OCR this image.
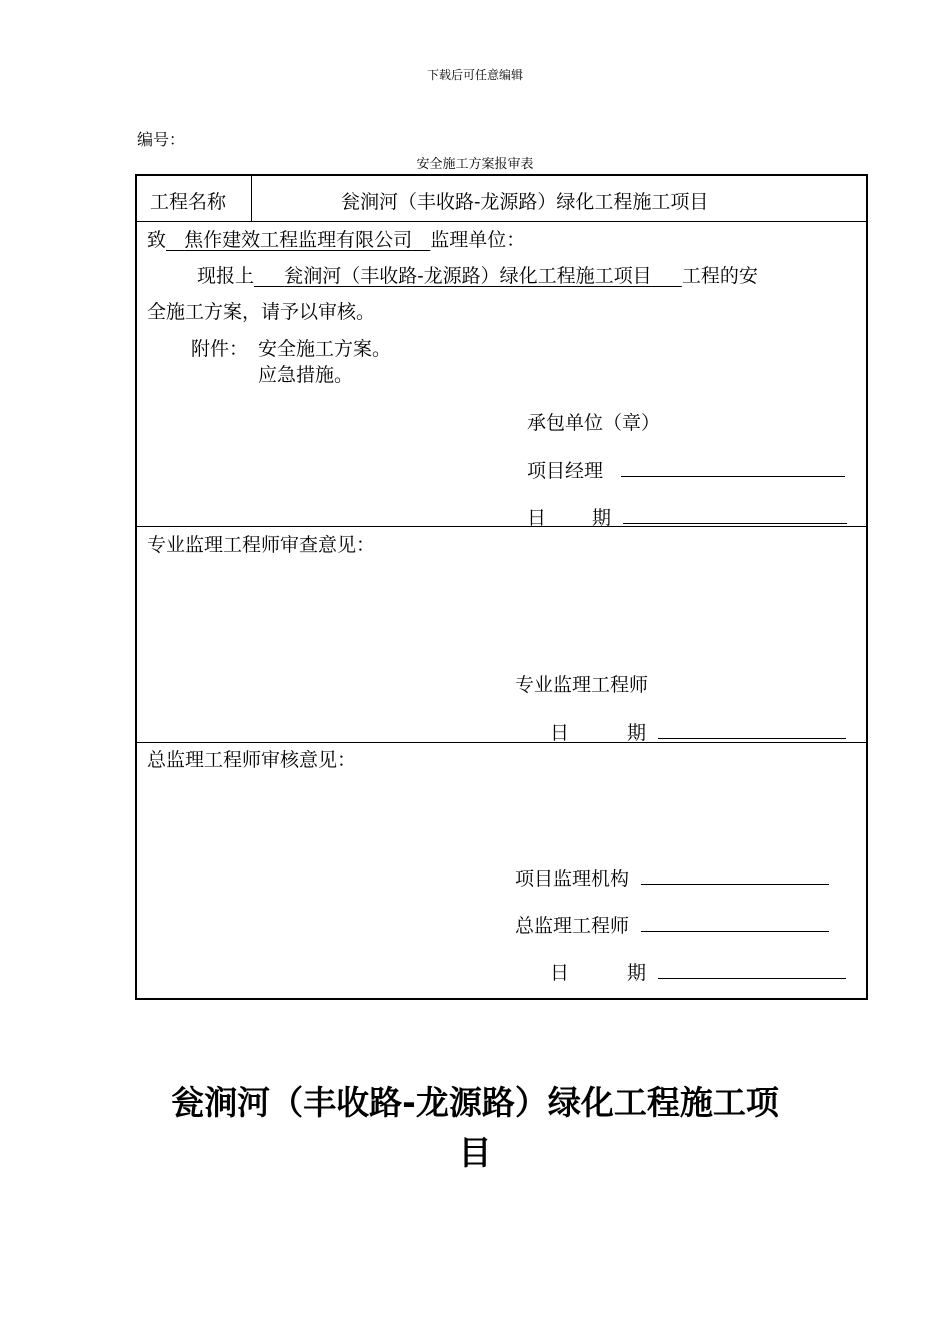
下载后可任意编辑
编号：
安全施工方案报审表
工程名称	瓮涧河（丰收路-龙源路）绿化工程施工项目
致 焦作建效工程监理有限公司 监理单位：
现报上 瓮涧河（丰收路-龙源路）绿化工程施工项目 工程的安
全施工方案，请予以审核。
附件： 安全施工方案。
应急措施。
承包单位（章）
项目经理
日 期
专业监理工程师审查意见：
专业监理工程师
日	期
总监理工程师审核意见：
项目监理机构
总监理工程师
日	期
瓮涧河（丰收路-龙源路）绿化工程施工项
目
